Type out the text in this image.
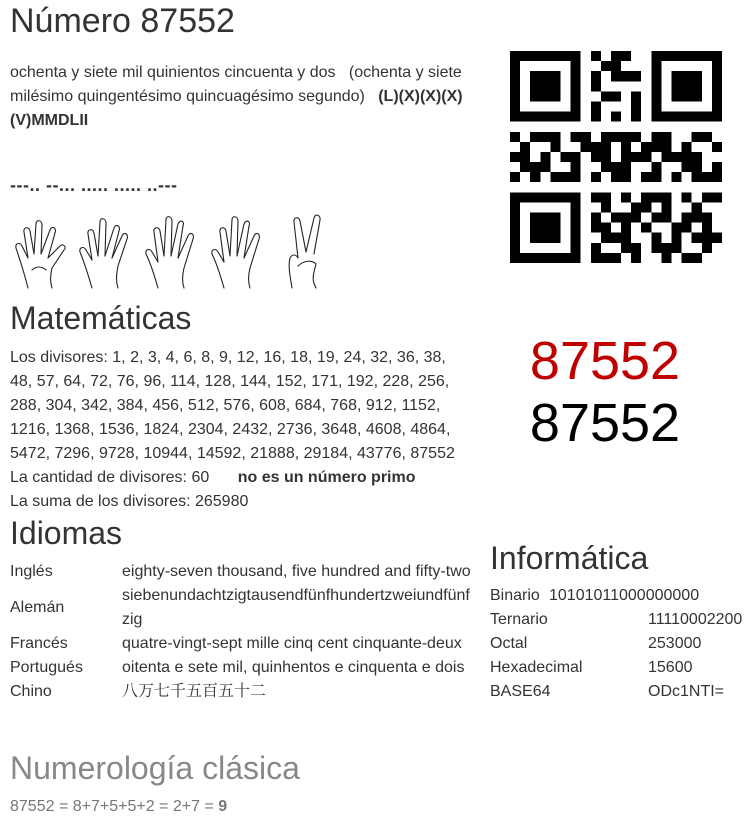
Número 87552
ochenta y siete mil quinientos cincuenta y dos (ochenta y siete milésimo quingentésimo quincuagésimo segundo) (L)(X)(X)(X)(V)MMDLII
---.. --... ..... ..... ..---
Matemáticas
Los divisores: 1, 2, 3, 4, 6, 8, 9, 12, 16, 18, 19, 24, 32, 36, 38, 48, 57, 64, 72, 76, 96, 114, 128, 144, 152, 171, 192, 228, 256, 288, 304, 342, 384, 456, 512, 576, 608, 684, 768, 912, 1152, 1216, 1368, 1536, 1824, 2304, 2432, 2736, 3648, 4608, 4864, 5472, 7296, 9728, 10944, 14592, 21888, 29184, 43776, 87552
La cantidad de divisores: 60 no es un número primo
La suma de los divisores: 265980
87552
87552
Idiomas
Inglés	eighty-seven thousand, five hundred and fifty-two
Alemán	siebenundachtzigtausendfünfhundertzweiundfünfzig
Francés	quatre-vingt-sept mille cinq cent cinquante-deux
Portugués	oitenta e sete mil, quinhentos e cinquenta e dois
Chino	八万七千五百五十二
Informática
Binario 10101011000000000
Ternario	11110002200
Octal	253000
Hexadecimal	15600
BASE64	ODc1NTI=
Numerología clásica
87552 = 8+7+5+5+2 = 2+7 = 9
